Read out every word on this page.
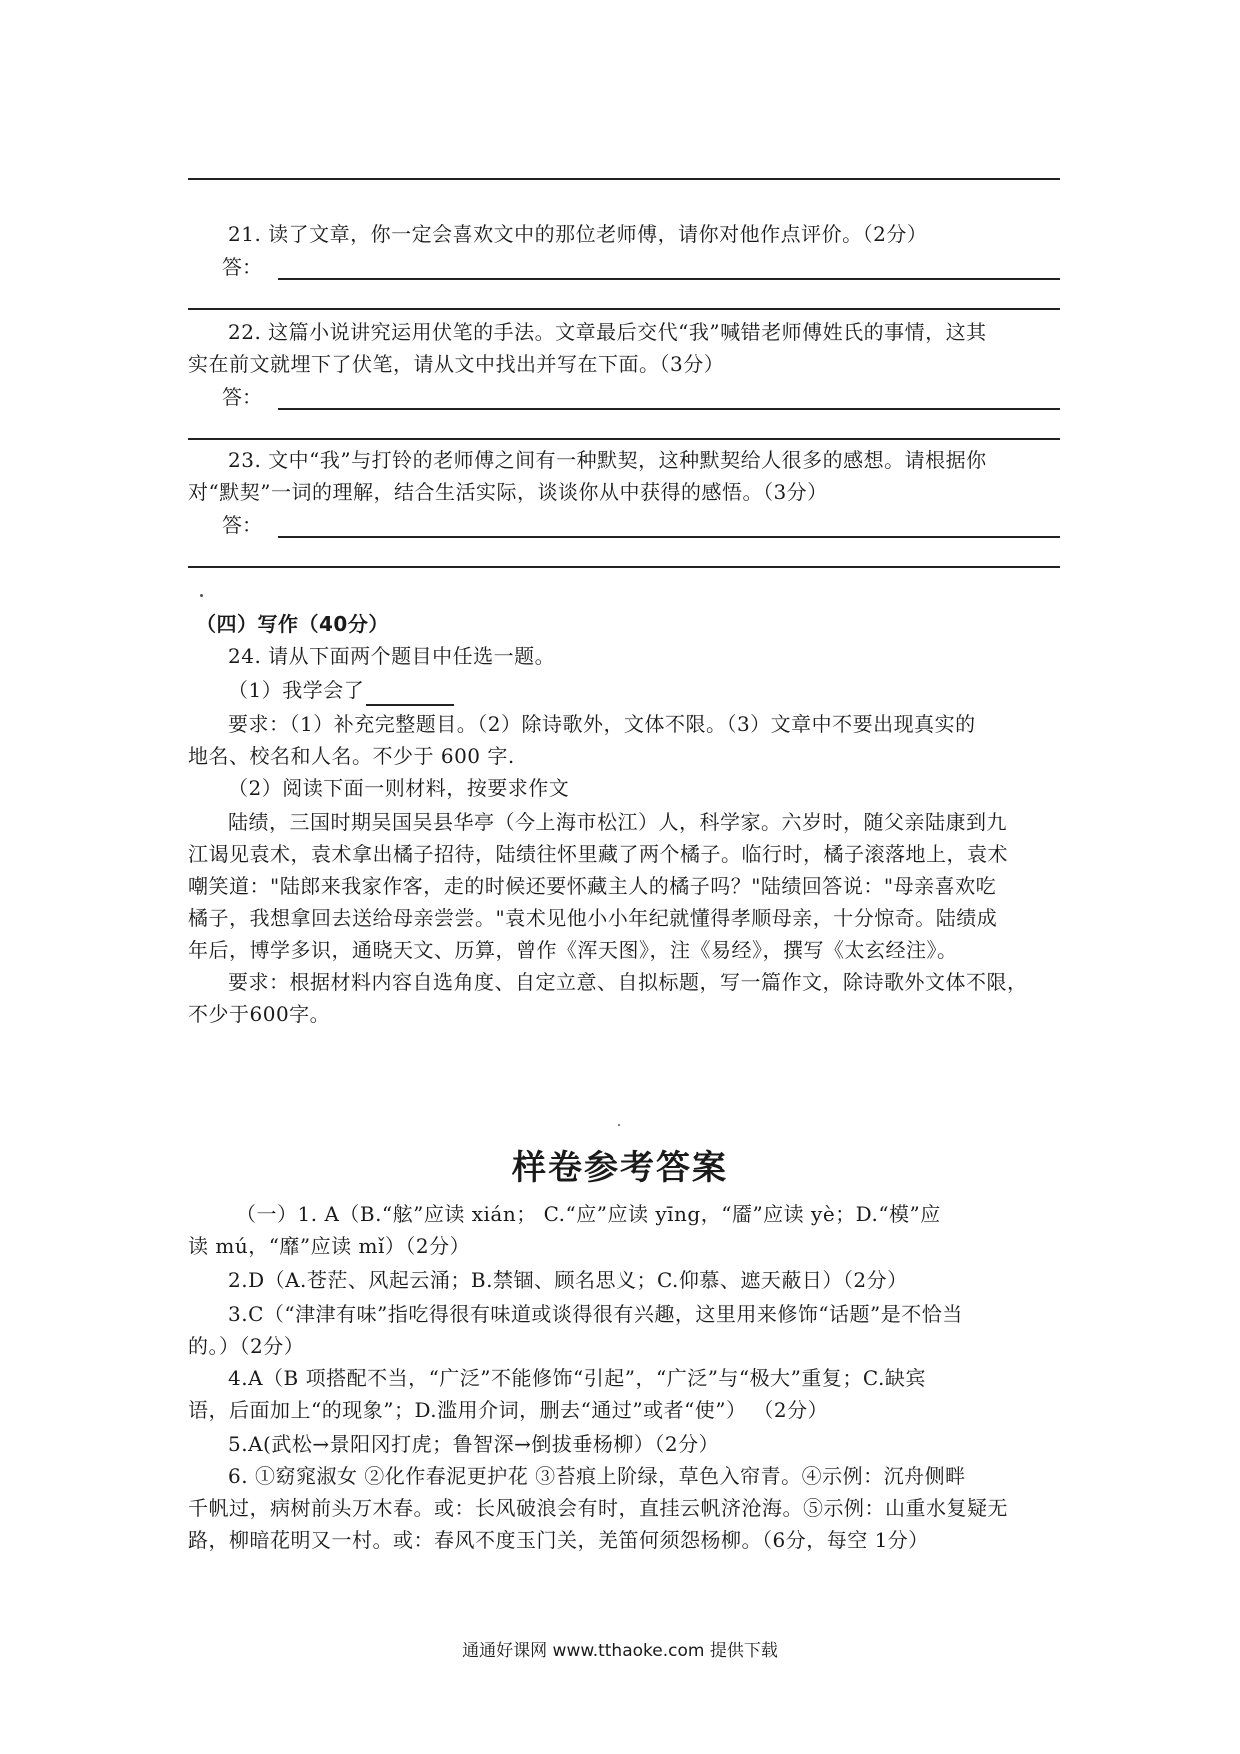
21. 读了文章，你一定会喜欢文中的那位老师傅，请你对他作点评价。（2分）
答：
22. 这篇小说讲究运用伏笔的手法。文章最后交代“我”喊错老师傅姓氏的事情，这其
实在前文就埋下了伏笔，请从文中找出并写在下面。（3分）
答：
23. 文中“我”与打铃的老师傅之间有一种默契，这种默契给人很多的感想。请根据你
对“默契”一词的理解，结合生活实际，谈谈你从中获得的感悟。（3分）
答：
（四）写作（40分）
24. 请从下面两个题目中任选一题。
（1）我学会了
要求：（1）补充完整题目。（2）除诗歌外，文体不限。（3）文章中不要出现真实的
地名、校名和人名。不少于 600 字.
（2）阅读下面一则材料，按要求作文
陆绩，三国时期吴国吴县华亭（今上海市松江）人，科学家。六岁时，随父亲陆康到九
江谒见袁术，袁术拿出橘子招待，陆绩往怀里藏了两个橘子。临行时，橘子滚落地上，袁术
嘲笑道："陆郎来我家作客，走的时候还要怀藏主人的橘子吗？"陆绩回答说："母亲喜欢吃
橘子，我想拿回去送给母亲尝尝。"袁术见他小小年纪就懂得孝顺母亲，十分惊奇。陆绩成
年后，博学多识，通晓天文、历算，曾作《浑天图》，注《易经》，撰写《太玄经注》。
要求：根据材料内容自选角度、自定立意、自拟标题，写一篇作文，除诗歌外文体不限，
不少于600字。
样卷参考答案
（一）1. A（B.“舷”应读 xián； C.“应”应读 yīng，“靥”应读 yè；D.“模”应
读 mú，“靡”应读 mǐ）（2分）
2.D（A.苍茫、风起云涌；B.禁锢、顾名思义；C.仰慕、遮天蔽日）（2分）
3.C（“津津有味”指吃得很有味道或谈得很有兴趣，这里用来修饰“话题”是不恰当
的。）（2分）
4.A（B 项搭配不当，“广泛”不能修饰“引起”，“广泛”与“极大”重复；C.缺宾
语，后面加上“的现象”；D.滥用介词，删去“通过”或者“使”） （2分）
5.A(武松→景阳冈打虎；鲁智深→倒拔垂杨柳）（2分）
6. ①窈窕淑女 ②化作春泥更护花 ③苔痕上阶绿，草色入帘青。④示例：沉舟侧畔
千帆过，病树前头万木春。或：长风破浪会有时，直挂云帆济沧海。⑤示例：山重水复疑无
路，柳暗花明又一村。或：春风不度玉门关，羌笛何须怨杨柳。（6分，每空 1分）
通通好课网 www.tthaoke.com 提供下载
